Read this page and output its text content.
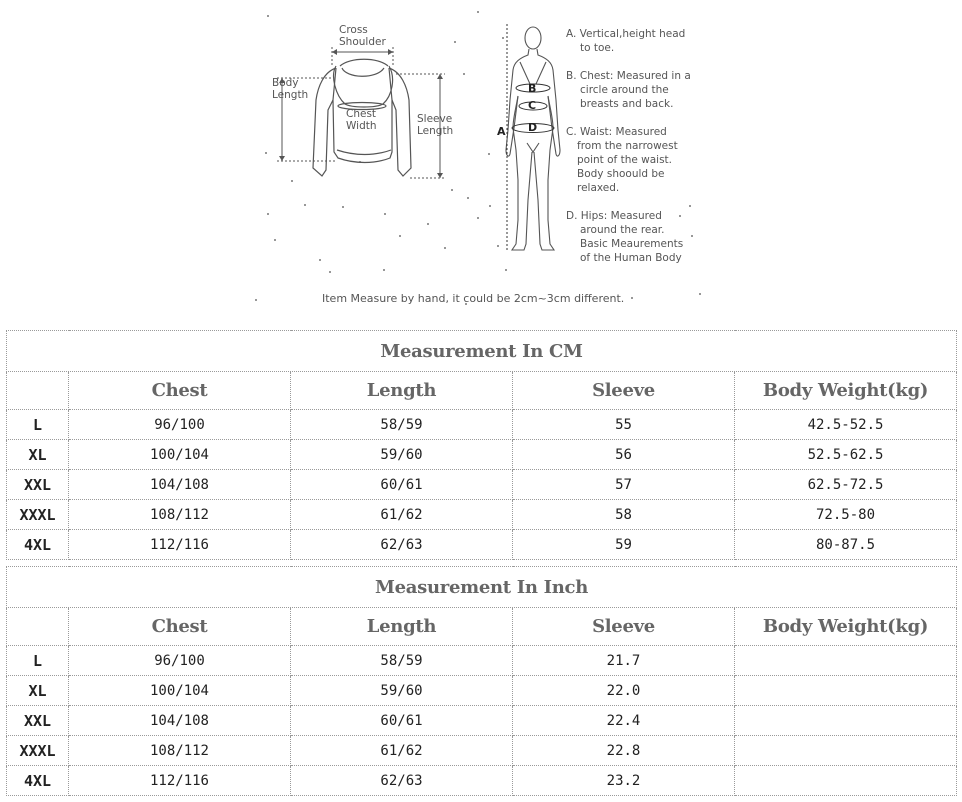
Cross
Shoulder
Body
Length
Chest
Width
Sleeve
Length
B
C
A D
A. Vertical,height head
to toe.
B. Chest: Measured in a
circle around the
breasts and back.
C. Waist: Measured
from the narrowest
point of the waist.
Body shoould be
relaxed.
D. Hips: Measured
around the rear.
Basic Meaurements
of the Human Body
Item Measure by hand, it could be 2cm~3cm different.
Measurement In CM				
	Chest	Length	Sleeve	Body Weight(kg)
L	96/100	58/59	55	42.5-52.5
XL	100/104	59/60	56	52.5-62.5
XXL	104/108	60/61	57	62.5-72.5
XXXL	108/112	61/62	58	72.5-80
4XL	112/116	62/63	59	80-87.5
Measurement In Inch				
	Chest	Length	Sleeve	Body Weight(kg)
L	96/100	58/59	21.7	
XL	100/104	59/60	22.0	
XXL	104/108	60/61	22.4	
XXXL	108/112	61/62	22.8	
4XL	112/116	62/63	23.2	
